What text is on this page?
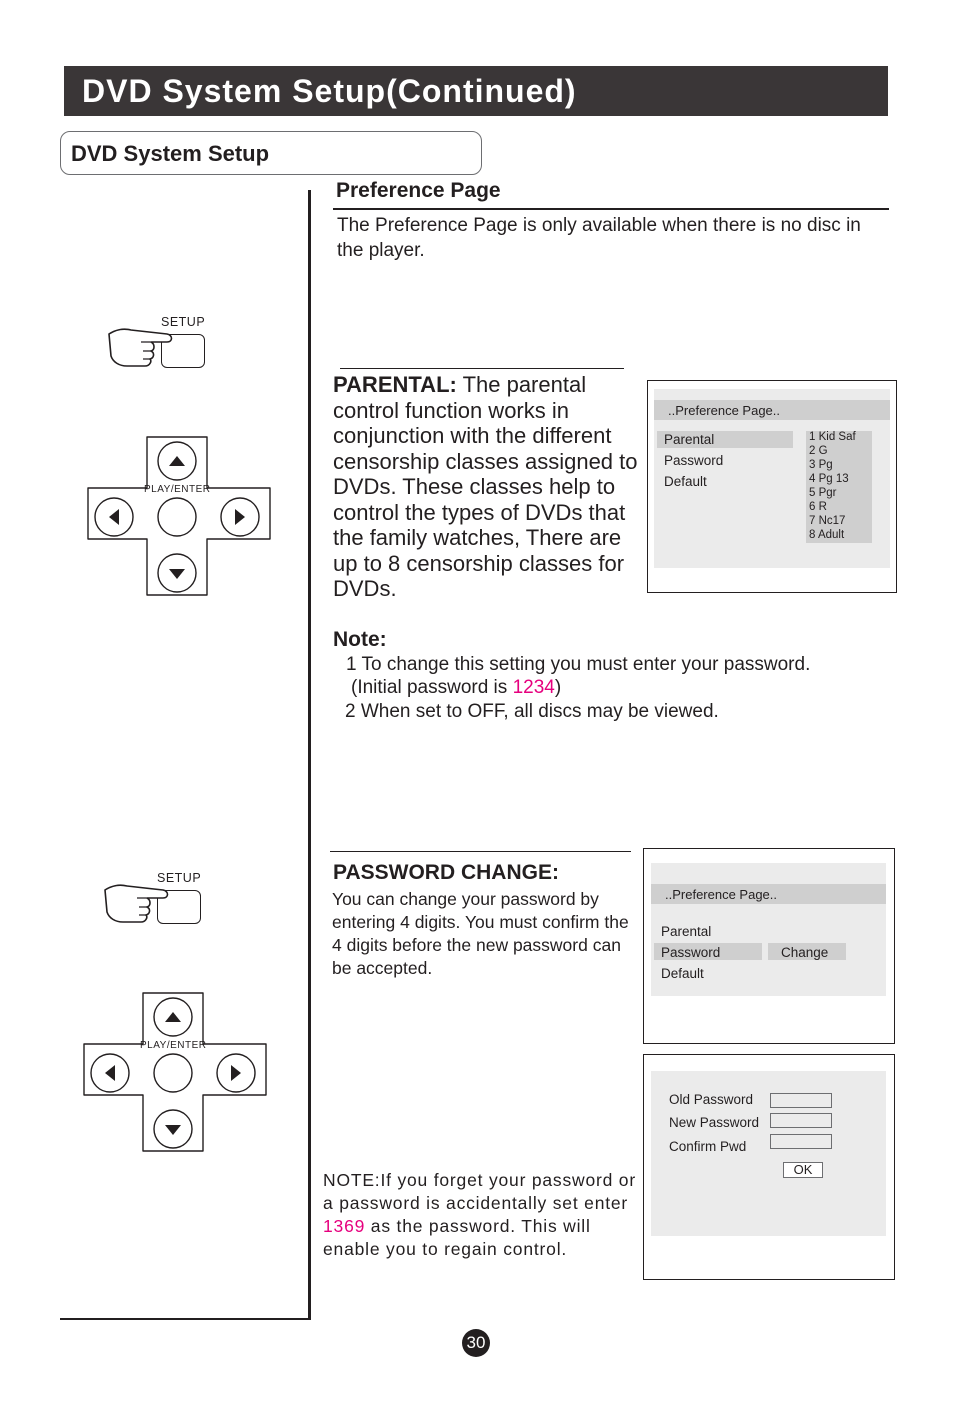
DVD System Setup(Continued)
DVD System Setup
Preference Page
The Preference Page is only available when there is no disc in the player.
SETUP
PLAY/ENTER
PARENTAL: The parental control function works in conjunction with the different censorship classes assigned to DVDs. These classes help to control the types of DVDs that the family watches, There are up to 8 censorship classes for DVDs.
..Preference Page..
Parental
Password
Default
1 Kid Saf
2 G
3 Pg
4 Pg 13
5 Pgr
6 R
7 Nc17
8 Adult
Note:
1 To change this setting you must enter your password.
(Initial password is 1234)
2 When set to OFF, all discs may be viewed.
SETUP
PLAY/ENTER
PASSWORD CHANGE:
You can change your password by entering 4 digits. You must confirm the 4 digits before the new password can be accepted.
..Preference Page..
Parental
Password	Change
Default
Old Password
New Password
Confirm Pwd
OK
NOTE:If you forget your password or a password is accidentally set enter 1369 as the password. This will enable you to regain control.
30
